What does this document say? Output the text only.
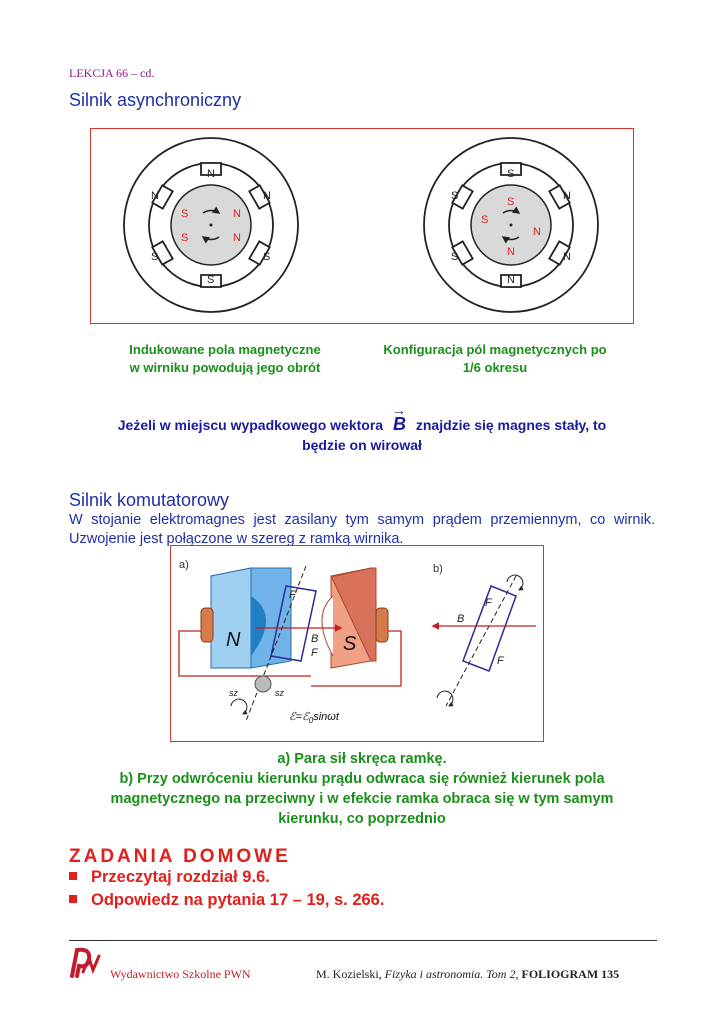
LEKCJA 66 – cd.
Silnik asynchroniczny
N
S
N	N
S	S
S	N
S	N
S
N
S	N
S	N
S
S
N
N
Indukowane pola magnetyczne
w wirniku powodują jego obrót
Konfiguracja pól magnetycznych po
1/6 okresu
Jeżeli w miejscu wypadkowego wektora
→
B znajdzie się magnes stały, to
będzie on wirował
Silnik komutatorowy
W stojanie elektromagnes jest zasilany tym samym prądem przemiennym, co wirnik. Uzwojenie jest połączone w szereg z ramką wirnika.
a)	b)
N	S
F
B
F
sz	sz
ℰ=ℰ$_0$sinωt
B
F
F
a) Para sił skręca ramkę.
b) Przy odwróceniu kierunku prądu odwraca się również kierunek pola
magnetycznego na przeciwny i w efekcie ramka obraca się w tym samym
kierunku, co poprzednio
ZADANIA DOMOWE
Przeczytaj rozdział 9.6.
Odpowiedz na pytania 17 – 19, s. 266.
Wydawnictwo Szkolne PWN	M. Kozielski, Fizyka i astronomia. Tom 2, FOLIOGRAM 135
